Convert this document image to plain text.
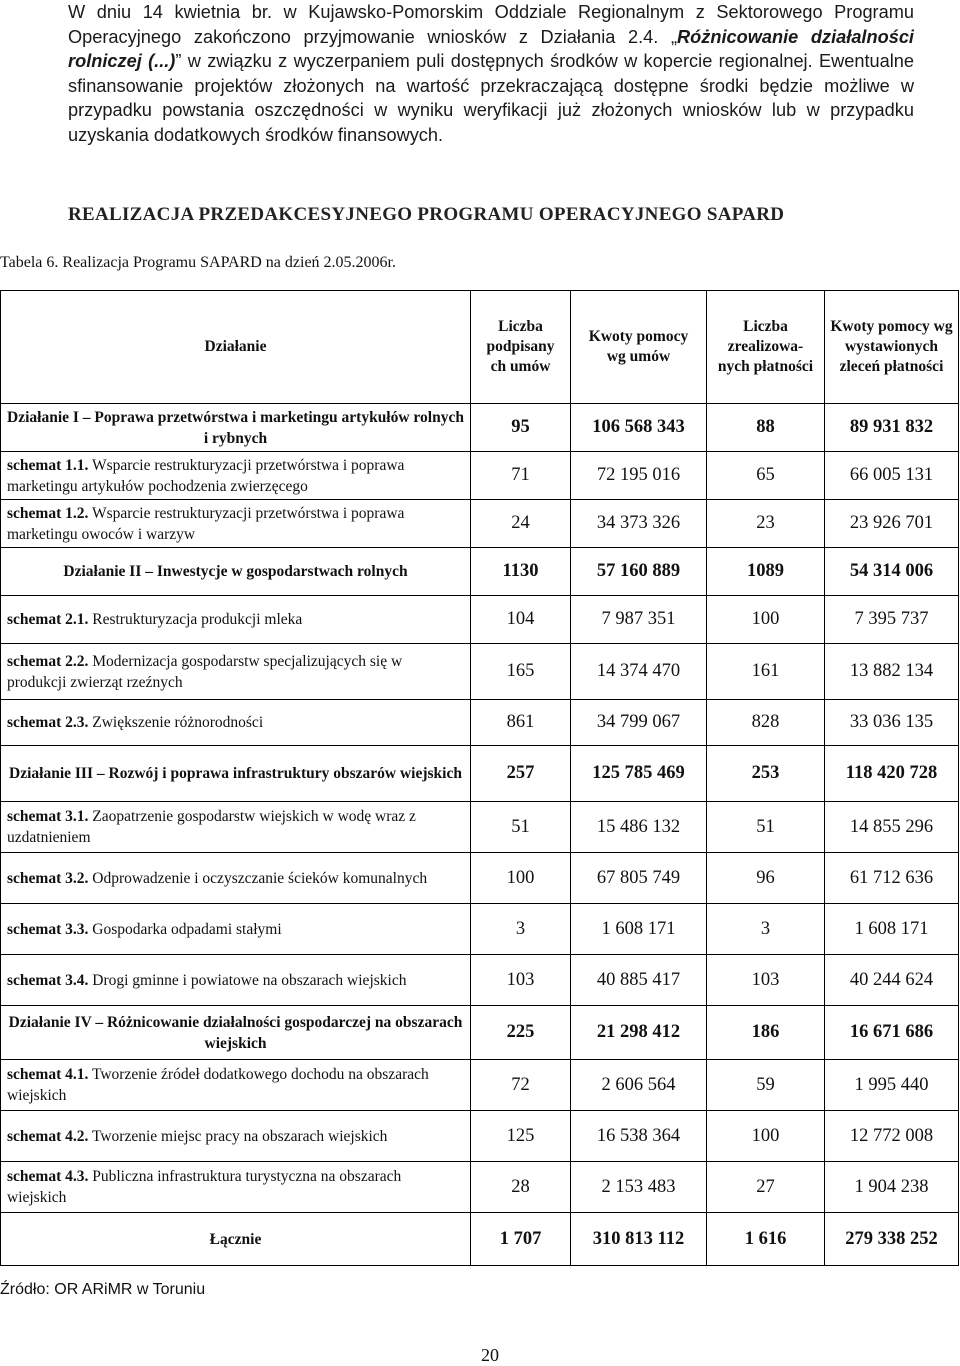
W dniu 14 kwietnia br. w Kujawsko-Pomorskim Oddziale Regionalnym z Sektorowego Programu Operacyjnego zakończono przyjmowanie wniosków z Działania 2.4. „Różnicowanie działalności rolniczej (...)” w związku z wyczerpaniem puli dostępnych środków w kopercie regionalnej. Ewentualne sfinansowanie projektów złożonych na wartość przekraczającą dostępne środki będzie możliwe w przypadku powstania oszczędności w wyniku weryfikacji już złożonych wniosków lub w przypadku uzyskania dodatkowych środków finansowych.
REALIZACJA PRZEDAKCESYJNEGO PROGRAMU OPERACYJNEGO SAPARD
Tabela 6. Realizacja Programu SAPARD na dzień 2.05.2006r.
Działanie	Liczba podpisany ch umów	Kwoty pomocy wg umów	Liczba zrealizowa-nych płatności	Kwoty pomocy wg wystawionych zleceń płatności
Działanie I – Poprawa przetwórstwa i marketingu artykułów rolnych i rybnych	95	106 568 343	88	89 931 832
schemat 1.1. Wsparcie restrukturyzacji przetwórstwa i poprawa marketingu artykułów pochodzenia zwierzęcego	71	72 195 016	65	66 005 131
schemat 1.2. Wsparcie restrukturyzacji przetwórstwa i poprawa marketingu owoców i warzyw	24	34 373 326	23	23 926 701
Działanie II – Inwestycje w gospodarstwach rolnych	1130	57 160 889	1089	54 314 006
schemat 2.1. Restrukturyzacja produkcji mleka	104	7 987 351	100	7 395 737
schemat 2.2. Modernizacja gospodarstw specjalizujących się w produkcji zwierząt rzeźnych	165	14 374 470	161	13 882 134
schemat 2.3. Zwiększenie różnorodności	861	34 799 067	828	33 036 135
Działanie III – Rozwój i poprawa infrastruktury obszarów wiejskich	257	125 785 469	253	118 420 728
schemat 3.1. Zaopatrzenie gospodarstw wiejskich w wodę wraz z uzdatnieniem	51	15 486 132	51	14 855 296
schemat 3.2. Odprowadzenie i oczyszczanie ścieków komunalnych	100	67 805 749	96	61 712 636
schemat 3.3. Gospodarka odpadami stałymi	3	1 608 171	3	1 608 171
schemat 3.4. Drogi gminne i powiatowe na obszarach wiejskich	103	40 885 417	103	40 244 624
Działanie IV – Różnicowanie działalności gospodarczej na obszarach wiejskich	225	21 298 412	186	16 671 686
schemat 4.1. Tworzenie źródeł dodatkowego dochodu na obszarach wiejskich	72	2 606 564	59	1 995 440
schemat 4.2. Tworzenie miejsc pracy na obszarach wiejskich	125	16 538 364	100	12 772 008
schemat 4.3. Publiczna infrastruktura turystyczna na obszarach wiejskich	28	2 153 483	27	1 904 238
Łącznie	1 707	310 813 112	1 616	279 338 252
Źródło: OR ARiMR w Toruniu
20
